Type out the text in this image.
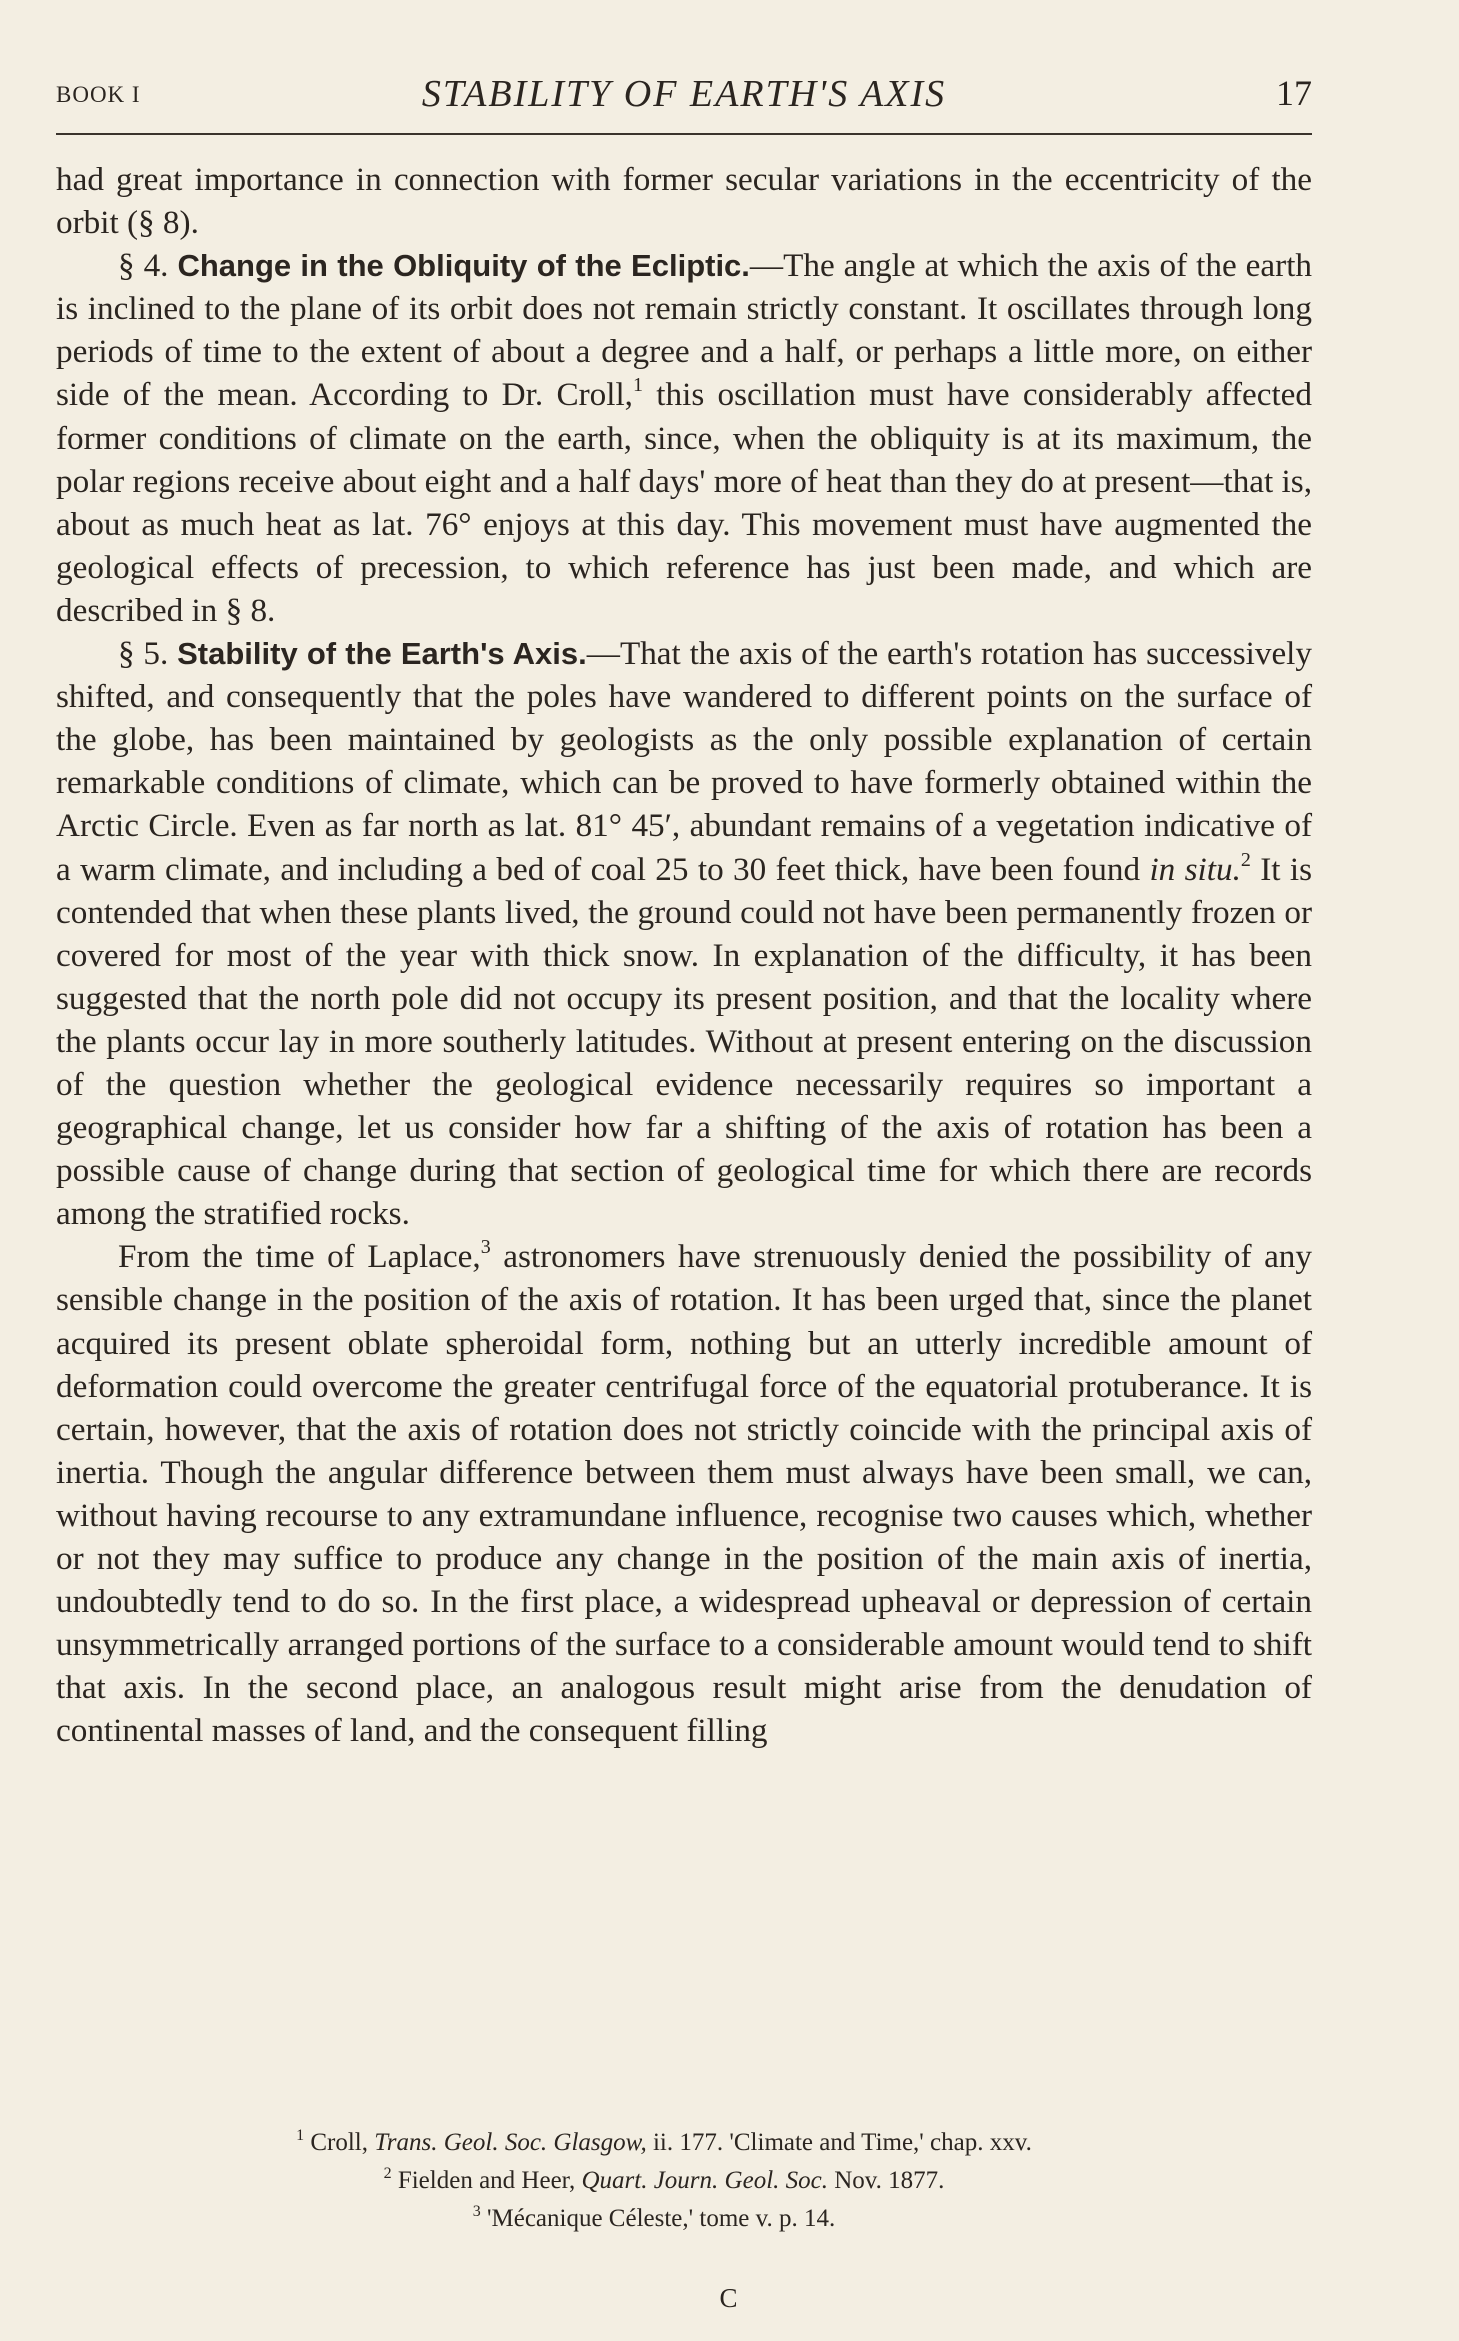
BOOK I	STABILITY OF EARTH'S AXIS	17

had great importance in connection with former secular variations in the eccentricity of the orbit (§ 8).

§ 4. Change in the Obliquity of the Ecliptic.—The angle at which the axis of the earth is inclined to the plane of its orbit does not remain strictly constant. It oscillates through long periods of time to the extent of about a degree and a half, or perhaps a little more, on either side of the mean. According to Dr. Croll,$^1$ this oscillation must have considerably affected former conditions of climate on the earth, since, when the obliquity is at its maximum, the polar regions receive about eight and a half days' more of heat than they do at present—that is, about as much heat as lat. 76° enjoys at this day. This movement must have augmented the geological effects of precession, to which reference has just been made, and which are described in § 8.

§ 5. Stability of the Earth's Axis.—That the axis of the earth's rotation has successively shifted, and consequently that the poles have wandered to different points on the surface of the globe, has been maintained by geologists as the only possible explanation of certain remarkable conditions of climate, which can be proved to have formerly obtained within the Arctic Circle. Even as far north as lat. 81° 45′, abundant remains of a vegetation indicative of a warm climate, and including a bed of coal 25 to 30 feet thick, have been found in situ.$^2$ It is contended that when these plants lived, the ground could not have been permanently frozen or covered for most of the year with thick snow. In explanation of the difficulty, it has been suggested that the north pole did not occupy its present position, and that the locality where the plants occur lay in more southerly latitudes. Without at present entering on the discussion of the question whether the geological evidence necessarily requires so important a geographical change, let us consider how far a shifting of the axis of rotation has been a possible cause of change during that section of geological time for which there are records among the stratified rocks.

From the time of Laplace,$^3$ astronomers have strenuously denied the possibility of any sensible change in the position of the axis of rotation. It has been urged that, since the planet acquired its present oblate spheroidal form, nothing but an utterly incredible amount of deformation could overcome the greater centrifugal force of the equatorial protuberance. It is certain, however, that the axis of rotation does not strictly coincide with the principal axis of inertia. Though the angular difference between them must always have been small, we can, without having recourse to any extramundane influence, recognise two causes which, whether or not they may suffice to produce any change in the position of the main axis of inertia, undoubtedly tend to do so. In the first place, a widespread upheaval or depression of certain unsymmetrically arranged portions of the surface to a considerable amount would tend to shift that axis. In the second place, an analogous result might arise from the denudation of continental masses of land, and the consequent filling

$^1$ Croll, Trans. Geol. Soc. Glasgow, ii. 177. 'Climate and Time,' chap. xxv.
$^2$ Fielden and Heer, Quart. Journ. Geol. Soc. Nov. 1877.
$^3$ 'Mécanique Céleste,' tome v. p. 14.
C
